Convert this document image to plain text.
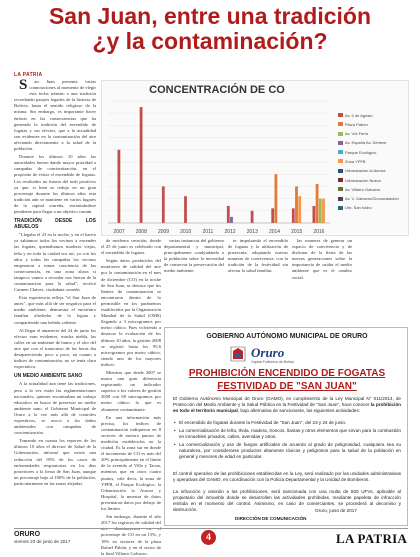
San Juan, entre una tradición
¿y la contaminación?
LA PATRIA

S an Juan presenta varias connotaciones al momento de elegir esta fecha tránsito a una tradición recordando pasajes legados de la historia de Bolivia, hasta el sentido religioso de la misma. Sin embargo, es importante hacer énfasis en las consecuencias que ha generado la tradición del encendido de fogatas y sus efectos, que a la actualidad son evidentes en la contaminación del aire afectando directamente a la salud de la población.

Durante los últimos 10 años las autoridades fueron dando mayor prioridad a campañas de concientización, en el propósito de evitar el encendido de fogatas. Los resultados no fueron del todo positivos ya que, si bien se redujo en un gran porcentaje durante los últimos años esta tradición aún se mantiene en varios lugares de la capital orureña, encontrándose pendiente para llegar a un objetivo común.

TRADICIÓN DESDE LOS ABUELOS

"Llegaba el 23 en la noche, y en el barrio ya sabíamos todos los vecinos a encender las fogatas, quemábamos maderas viejas, leña y en toda la ciudad era así, ya con los años y todas las campañas los vecinos empezaron a tomar conciencia de las consecuencias, en una zona ahora si tampoco vamos a recordar nos fueron de la contaminación para la salud", recalcó Carmen Chávez, ciudadana orureña.

Esta experiencia refleja "el San Juan de antes", que más allá de ser negativa para el medio ambiente, demuestra el encuentro familiar alrededor de la fogata y compartiendo una bebida caliente.

Al llegar el amanecer del 24 de junio los efectos eran evidentes, mucha niebla, las calles en un ambiente de humo y el olor del aire que con el transcurso de las horas iba desapareciendo poco a poco, en cuanto a índices de contaminación, no se tenía clara expectativa.

UN MEDIO AMBIENTE SANO

A la actualidad aun tiene las tradiciones, pero a la vez están las reglamentaciones nacionales, quienes encontraban un trabajo educativo en busca de preservar un medio ambiente sano, el Gobierno Municipal de Oruro a la vez más allá de controles expositivos, se avocó a los daños ambientales con campañas de concientización.

Tomando en cuenta los reportes de los últimos 10 años el director de Salud de la Gobernación, informó que existe una reducción del 95% de los casos de enfermedades respiratorias en los días posteriores a la fiesta de San Juan, aunque un porcentaje bajo al 100% de la población, particularmente en las zonas alejadas.

CONCENTRACIÓN DE CO
2007 2008 2009 2010 2011 2012 2013 2014 2015 2016
Av. 6 de Agosto
Plaza Pabón
Av. Vía Ferro
Av. España Av. Dehene
Parque Ecológico
Zona YPFB
Urbanización la Aurora
Urbanización Nuevo
Av. Villarro Galvarro
Av. V. Galvarro/Circunvalación
Urb. San Isidro

de moderna creación, donde el 25 de junio es celebrado con el encendido de fogatas.

Según datos producidos del monitoreo de calidad del aire por la contaminación en el mes de diciembre (CO) en la noche de San Juan, se destaca que los límites de contaminación se encontraron dentro de lo permisible en los parámetros establecidos por la Organización Mundial de la Salud (OMS) llegando a 3 microgramos por metro cúbico. Pues volviendo a destacar la evaluación de los últimos 10 años, la gestión 2008 se registró hasta los 95.6 microgramos por metro cúbico, siendo uno de los mayores índices.

Mientras que desde 2007 se marca una gran diferencia registrando un indicador superior a los valores de gestión 2008 con 60 microgramos por metro cúbico lo que es altamente contaminante.

En una información más precisa, los índices de contaminación indiqueron en 8 sectores de nuestro puntos de medición establecidos en la ciudad. Es la zona sur en donde el incremento de CO es más del 20% principalmente en el límite de la avenida al Villa y Tacna, mientras que en otros cuatro puntos, vale decir, la zona de YPFB, el Parque Ecológico, la Urbanización la Aurora y Hospital, la muestra de datos presentaron datos por debajo de los límites.

Sin embargo, durante el año 2017 los registros de calidad del porcentaje de CO en un 15%, y 18% en sectores de la plaza Rafael Pabón, y en el sector de la final Villarro Galvarro.

varias instancias del gobierno departamental y municipal, principalmente coadyudando a la población sobre la necesidad de conservar la preservación del medio ambiente.

te, impulsando el encendido de fogatas y la utilización de pirotecnia, adoptando nuevas maneras de convivencia, con la tradición de la festividad sin afectar la salud familiar.

las maneras de generar un espacio de convivencia y de disfrutar de la fiesta de las nuevas generaciones sobre la importancia de cuidar el medio ambiente que es el cambio social.

GOBIERNO AUTÓNOMO MUNICIPAL DE ORURO
Oruro
Capital Folklórica de Bolivia
PROHIBICIÓN ENCENDIDO DE FOGATAS
FESTIVIDAD DE "SAN JUAN"
El Gobierno Autónomo Municipal de Oruro (GAMO), en cumplimiento de la Ley Municipal N° 011/2014, de Protección del Medio Ambiente y la Salud Pública en la Festividad de "San Juan", hace conocer la prohibición en todo el territorio municipal, bajo alternativa de sancionarse, las siguientes actividades:
• El encendido de fogatas durante la Festividad de "San Juan", del 23 y 24 de junio.
• La comercialización de leña, thola, madera, troncos, llantas y otros elementos que sirvan para la combustión en inmuebles privados, calles, avenidas y otros.
• La comercialización y uso de fuegos artificiales de acuerdo al grado de peligrosidad, cualquiera sea su naturaleza, por considerarse productos altamente tóxicos y peligrosos para la salud de la población en general y menores de edad en particular.
El control operativo de las prohibiciones establecidas en la Ley, será realizado por las unidades administrativas y operativas del GAMO, en coordinación con la Policía Departamental y la Unidad de Bomberos.
La infracción y omisión a las prohibiciones, será sancionada con una multa de 500 UFVs, aplicable al propietario del inmueble donde se desarrollen las actividades prohibidas, mediante papeleta de infracción emitida en el momento del control. Asimismo, en caso de comerciantes, se procederá al decomiso y destrucción.	Oruro, junio de 2017
DIRECCIÓN DE COMUNICACIÓN
ORURO
viernes 23 de junio de 2017	4	LA PATRIA
